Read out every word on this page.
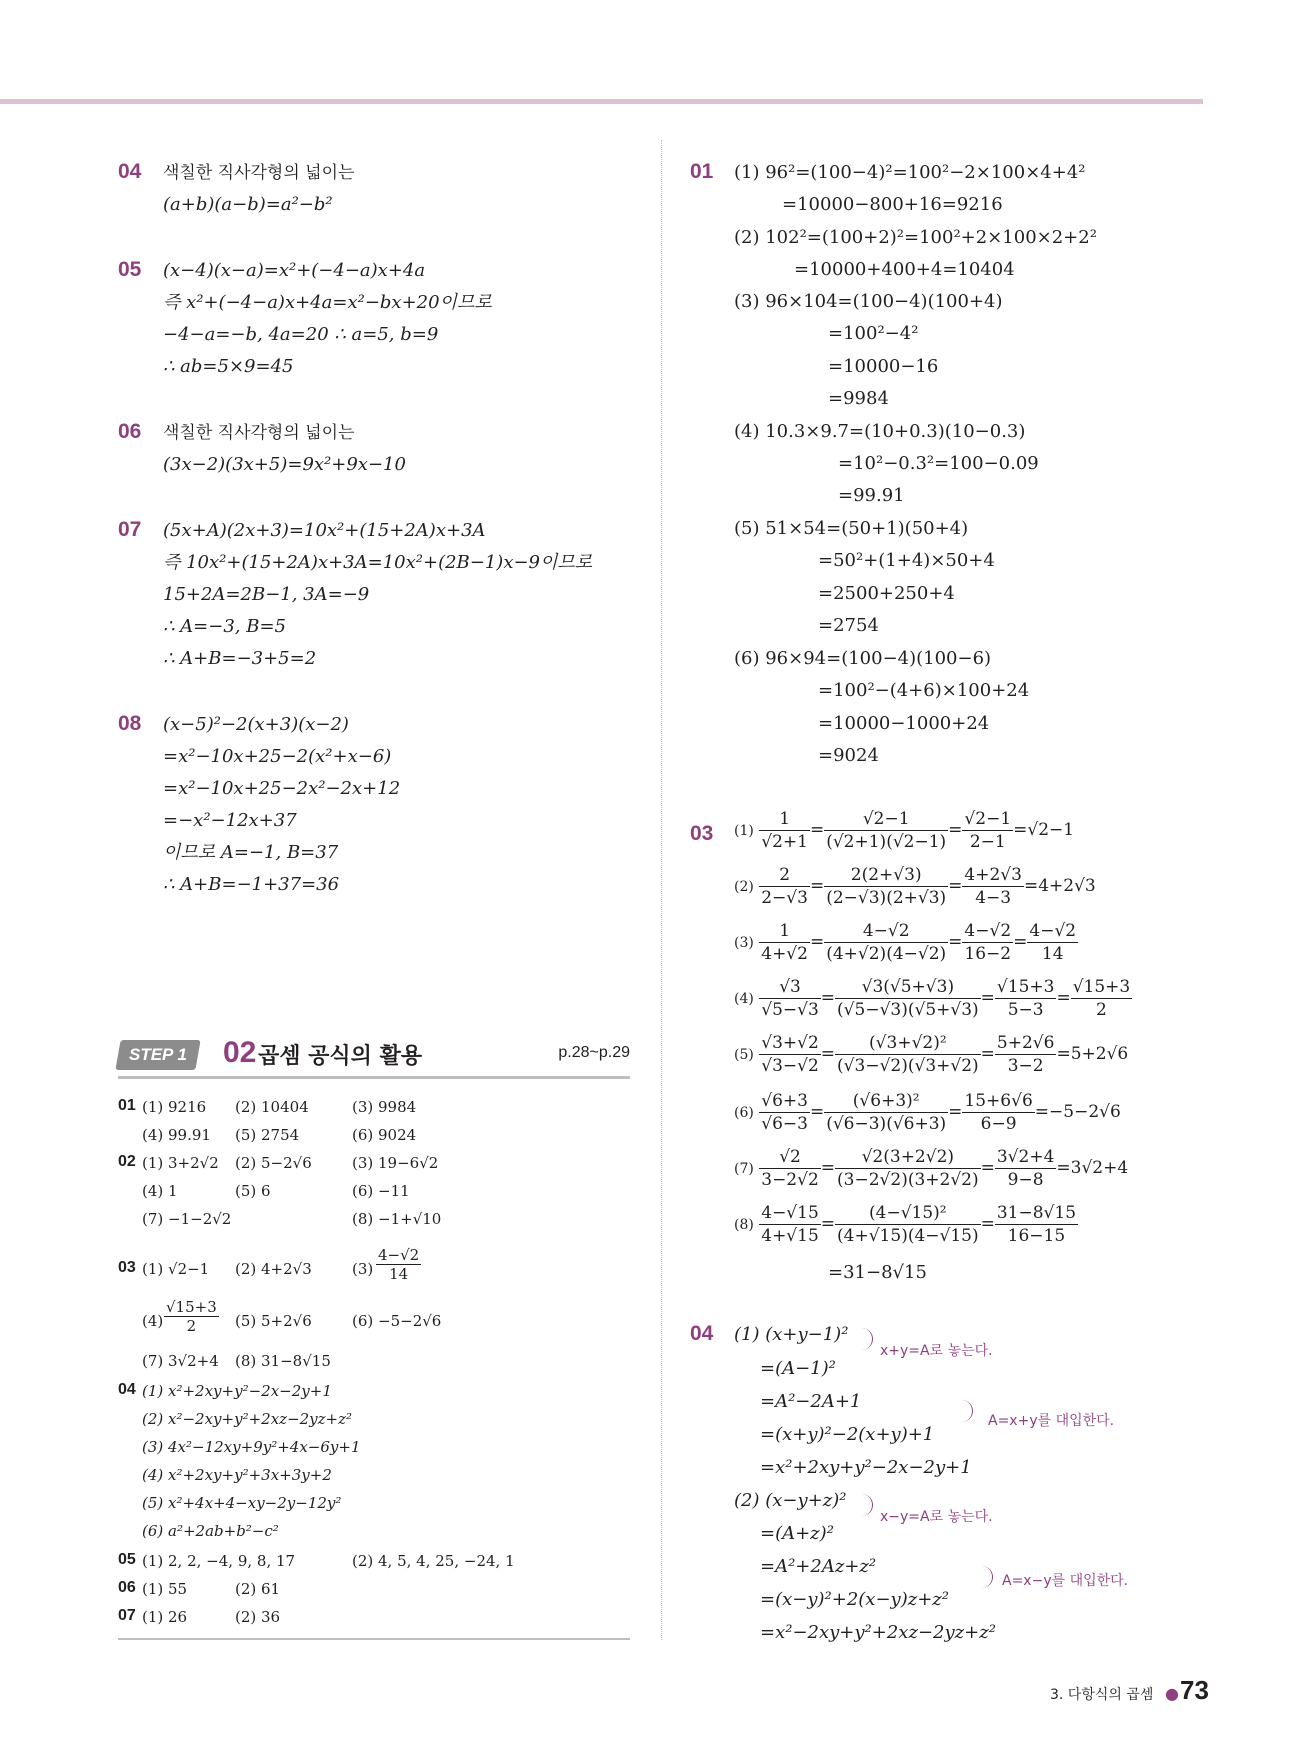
04 색칠한 직사각형의 넓이는
(a+b)(a−b)=a²−b²
05 (x−4)(x−a)=x²+(−4−a)x+4a
즉 x²+(−4−a)x+4a=x²−bx+20이므로
−4−a=−b, 4a=20 ∴ a=5, b=9
∴ ab=5×9=45
06 색칠한 직사각형의 넓이는
(3x−2)(3x+5)=9x²+9x−10
07 (5x+A)(2x+3)=10x²+(15+2A)x+3A
즉 10x²+(15+2A)x+3A=10x²+(2B−1)x−9이므로
15+2A=2B−1, 3A=−9
∴ A=−3, B=5
∴ A+B=−3+5=2
08 (x−5)²−2(x+3)(x−2)
=x²−10x+25−2(x²+x−6)
=x²−10x+25−2x²−2x+12
=−x²−12x+37
이므로 A=−1, B=37
∴ A+B=−1+37=36
STEP 1	02 곱셈 공식의 활용	p.28~p.29
01 (1) 9216 (2) 10404	(3) 9984
(4) 99.91 (5) 2754	(6) 9024
02 (1) 3+2√2 (2) 5−2√6	(3) 19−6√2
(4) 1	(5) 6	(6) −11
(7) −1−2√2	(8) −1+√10
03 (1) √2−1 (2) 4+2√3	$(3) \frac{4-√2}{14}$
$(4) \frac{√15+3}{2} (5)$ 5+2√6	(6) −5−2√6
(7) 3√2+4 (8) 31−8√15
04 (1) x²+2xy+y²−2x−2y+1
(2) x²−2xy+y²+2xz−2yz+z²
(3) 4x²−12xy+9y²+4x−6y+1
(4) x²+2xy+y²+3x+3y+2
(5) x²+4x+4−xy−2y−12y²
(6) a²+2ab+b²−c²
05 (1) 2, 2, −4, 9, 8, 17	(2) 4, 5, 4, 25, −24, 1
06 (1) 55	(2) 61
07 (1) 26	(2) 36
01 (1) 96²=(100−4)²=100²−2×100×4+4²
=10000−800+16=9216
(2) 102²=(100+2)²=100²+2×100×2+2²
=10000+400+4=10404
(3) 96×104=(100−4)(100+4)
=100²−4²
=10000−16
=9984
(4) 10.3×9.7=(10+0.3)(10−0.3)
=10²−0.3²=100−0.09
=99.91
(5) 51×54=(50+1)(50+4)
=50²+(1+4)×50+4
=2500+250+4
=2754
(6) 96×94=(100−4)(100−6)
=100²−(4+6)×100+24
=10000−1000+24
=9024
03 $(1) \frac{1}{√2+1} = \frac{√2-1}{(√2+1)(√2-1)} = \frac{√2-1}{2-1} =√2-1$
$(2) \frac{2}{2-√3} = \frac{2(2+√3)}{(2-√3)(2+√3)} = \frac{4+2√3}{4-3} =4+2√3$
$(3) \frac{1}{4+√2} = \frac{4-√2}{(4+√2)(4-√2)} = \frac{4-√2}{16-2} = \frac{4-√2}{14}$
$(4) \frac{√3}{√5-√3} = \frac{√3(√5+√3)}{(√5-√3)(√5+√3)} = \frac{√15+3}{5-3} = \frac{√15+3}{2}$
$(5) \frac{√3+√2}{√3-√2} = \frac{\text{(√3+√2)²}}{(√3-√2)(√3+√2)} = \frac{5+2√6}{3-2} =5+2√6$
$(6) \frac{√6+3}{√6-3} = \frac{\text{(√6+3)²}}{(√6-3)(√6+3)} = \frac{15+6√6}{6-9} =-5-2√6$
$(7) \frac{√2}{3-2√2} = \frac{√2(3+2√2)}{(3-2√2)(3+2√2)} = \frac{3√2+4}{9-8} =3√2+4$
$(8) \frac{4-√15}{4+√15} = \frac{\text{(4−√15)²}}{(4+√15)(4-√15)} = \frac{31-8√15}{16-15}$
=31−8√15
04 (1) (x+y−1)²
=(A−1)²
=A²−2A+1
=(x+y)²−2(x+y)+1
=x²+2xy+y²−2x−2y+1
(2) (x−y+z)²
=(A+z)²
=A²+2Az+z²
=(x−y)²+2(x−y)z+z²
=x²−2xy+y²+2xz−2yz+z²
x+y=A로 놓는다.
A=x+y를 대입한다.
x−y=A로 놓는다.
A=x−y를 대입한다.
3. 다항식의 곱셈 ● 73
